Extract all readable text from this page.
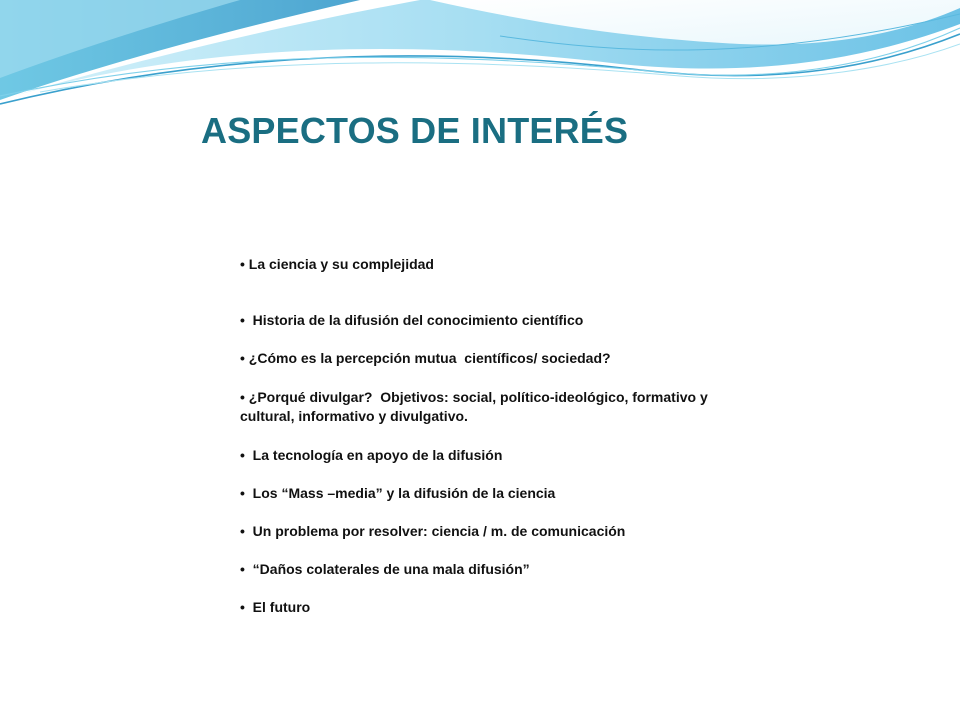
ASPECTOS DE INTERÉS
• La ciencia y su complejidad
•  Historia de la difusión del conocimiento científico
• ¿Cómo es la percepción mutua  científicos/ sociedad?
• ¿Porqué divulgar?  Objetivos: social, político-ideológico, formativo y cultural, informativo y divulgativo.
•  La tecnología en apoyo de la difusión
•  Los “Mass –media” y la difusión de la ciencia
•  Un problema por resolver: ciencia / m. de comunicación
•  “Daños colaterales de una mala difusión”
•  El futuro
